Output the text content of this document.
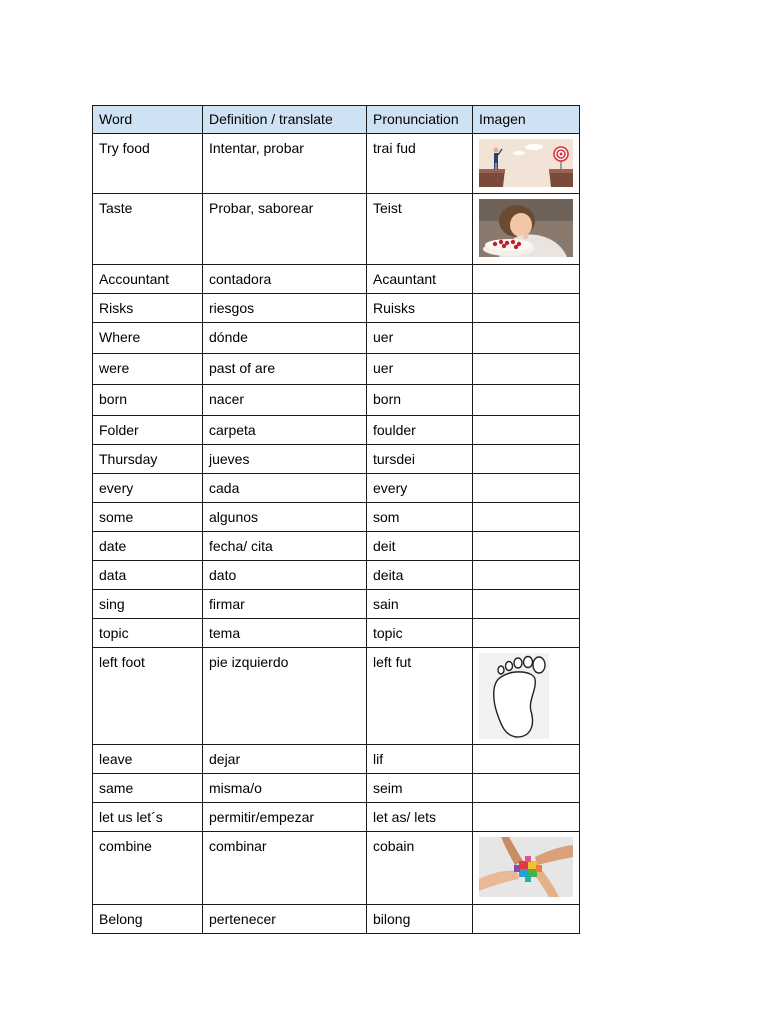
Word	Definition / translate	Pronunciation	Imagen
Try food	Intentar, probar	trai fud	

Taste	Probar, saborear	Teist	

Accountant	contadora	Acauntant	
Risks	riesgos	Ruisks	
Where	dónde	uer	
were	past of are	uer	
born	nacer	born	
Folder	carpeta	foulder	
Thursday	jueves	tursdei	
every	cada	every	
some	algunos	som	
date	fecha/ cita	deit	
data	dato	deita	
sing	firmar	sain	
topic	tema	topic	
left foot	pie izquierdo	left fut	

leave	dejar	lif	
same	misma/o	seim	
let us let´s	permitir/empezar	let as/ lets	
combine	combinar	cobain	

Belong	pertenecer	bilong	
